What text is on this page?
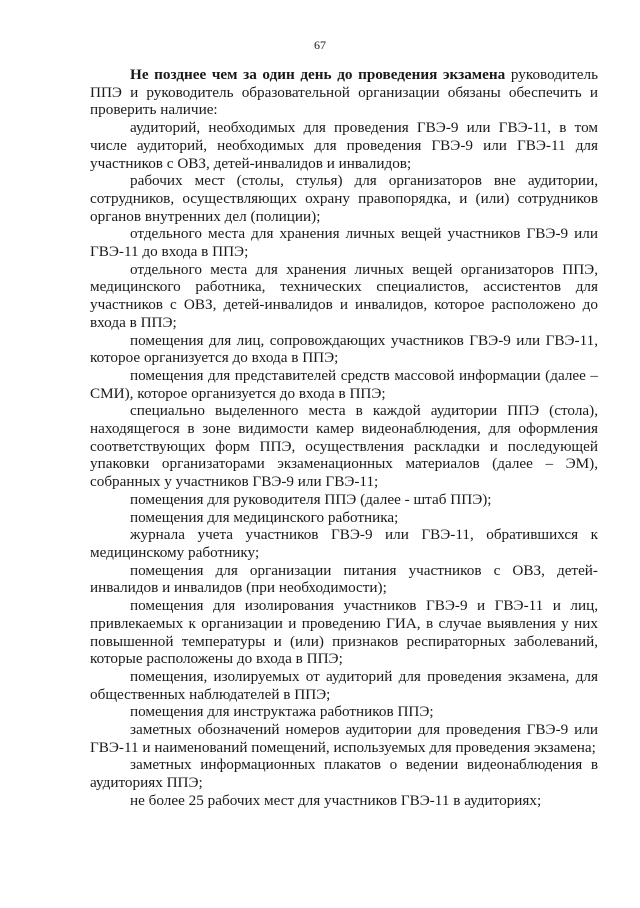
67

Не позднее чем за один день до проведения экзамена руководитель ППЭ и руководитель образовательной организации обязаны обеспечить и проверить наличие:

аудиторий, необходимых для проведения ГВЭ-9 или ГВЭ-11, в том числе аудиторий, необходимых для проведения ГВЭ-9 или ГВЭ-11 для участников с ОВЗ, детей-инвалидов и инвалидов;

рабочих мест (столы, стулья) для организаторов вне аудитории, сотрудников, осуществляющих охрану правопорядка, и (или) сотрудников органов внутренних дел (полиции);

отдельного места для хранения личных вещей участников ГВЭ-9 или ГВЭ-11 до входа в ППЭ;

отдельного места для хранения личных вещей организаторов ППЭ, медицинского работника, технических специалистов, ассистентов для участников с ОВЗ, детей-инвалидов и инвалидов, которое расположено до входа в ППЭ;

помещения для лиц, сопровождающих участников ГВЭ-9 или ГВЭ-11, которое организуется до входа в ППЭ;

помещения для представителей средств массовой информации (далее – СМИ), которое организуется до входа в ППЭ;

специально выделенного места в каждой аудитории ППЭ (стола), находящегося в зоне видимости камер видеонаблюдения, для оформления соответствующих форм ППЭ, осуществления раскладки и последующей упаковки организаторами экзаменационных материалов (далее – ЭМ), собранных у участников ГВЭ-9 или ГВЭ-11;

помещения для руководителя ППЭ (далее - штаб ППЭ);

помещения для медицинского работника;

журнала учета участников ГВЭ-9 или ГВЭ-11, обратившихся к медицинскому работнику;

помещения для организации питания участников с ОВЗ, детей-инвалидов и инвалидов (при необходимости);

помещения для изолирования участников ГВЭ-9 и ГВЭ-11 и лиц, привлекаемых к организации и проведению ГИА, в случае выявления у них повышенной температуры и (или) признаков респираторных заболеваний, которые расположены до входа в ППЭ;

помещения, изолируемых от аудиторий для проведения экзамена, для общественных наблюдателей в ППЭ;

помещения для инструктажа работников ППЭ;

заметных обозначений номеров аудитории для проведения ГВЭ-9 или ГВЭ-11 и наименований помещений, используемых для проведения экзамена;

заметных информационных плакатов о ведении видеонаблюдения в аудиториях ППЭ;

не более 25 рабочих мест для участников ГВЭ-11 в аудиториях;
